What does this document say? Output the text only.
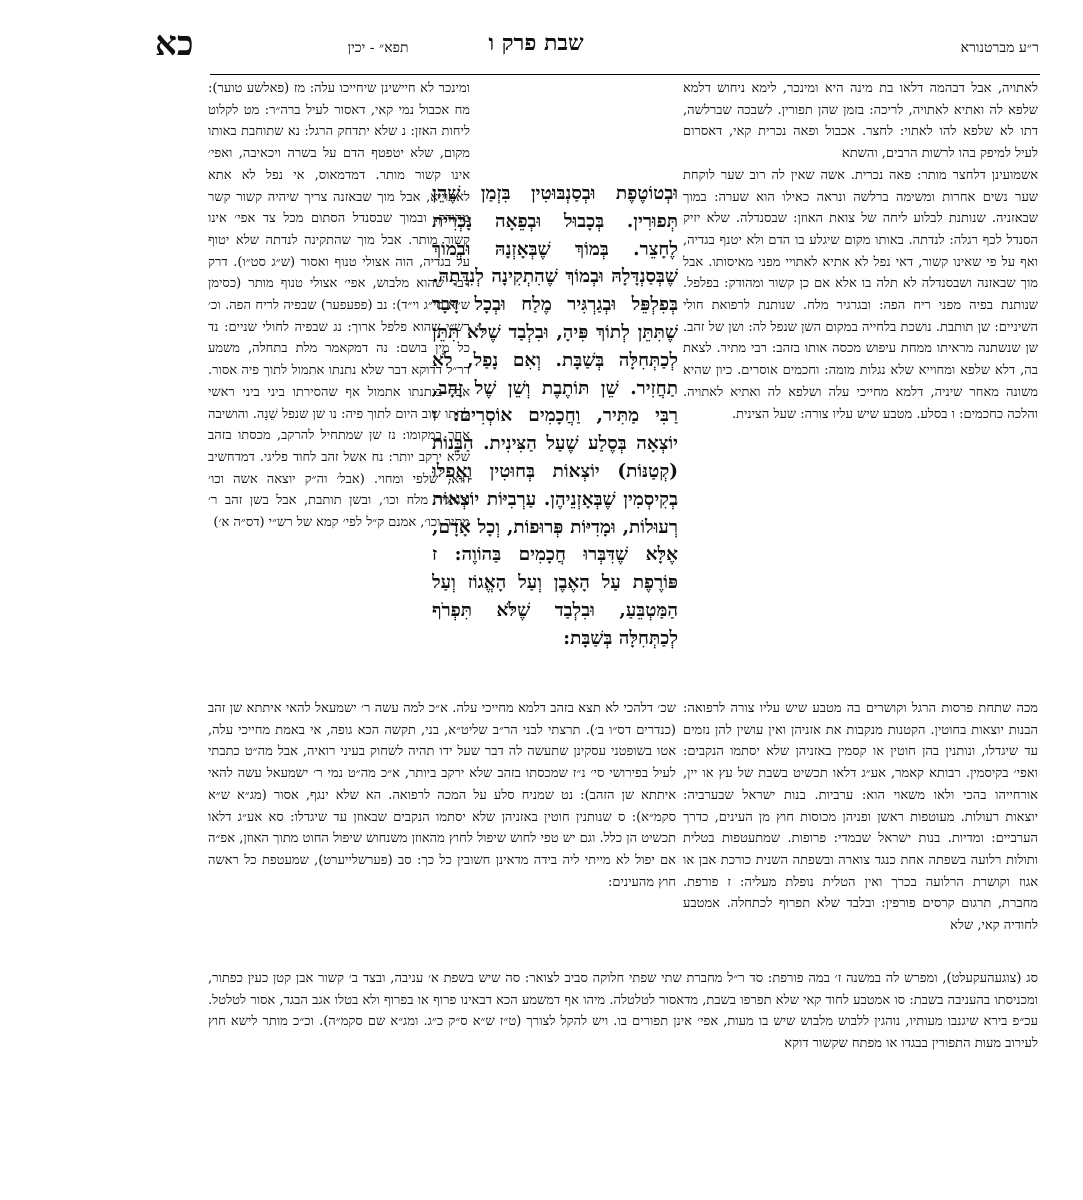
כא	תפא״ - יכין	שבת פרק ו	ר״ע מברטנורא

לאתויה, אבל דבהמה דלאו בת מינה היא ומינכר, לימא ניחוש דלמא שלפא לה ואתיא לאתויה, לריכה: בזמן שהן תפורין. לשבכה שברלשה, דתו לא שלפא להו לאתוי: לחצר. אכבול ופאה נכרית קאי, דאסרום לעיל למיפק בהו לרשות הרבים, והשתא

אשמועינן דלחצר מותר: פאה נכרית. אשה שאין לה רוב שער לוקחת שער נשים אחרות ומשימה ברלשה ונראה כאילו הוא שערה: במוך שבאזניה. שנותנת לבלוע ליחה של צואת האוזן: שבסנדלה. שלא יזיק הסנדל לכף רגלה: לנדתה. באותו מקום שיגלע בו הדם ולא יטנף בגדיה, ואף על פי שאינו קשור, דאי נפל לא אתיא לאתויי מפני מאיסותו. אבל מוך שבאזנה ושבסנדלה לא תלה בו אלא אם כן קשור ומהודק: בפלפל. שנותנת בפיה מפני ריח הפה: ובגרגיר מלח. שנותנת לרפואת חולי השיניים: שן תותבת. נושכת בלחייה במקום השן שנפל לה: ושן של זהב. שן שנשתנה מראיתו ממחת עיפוש מכסה אותו בזהב: רבי מתיר. לצאת בה, דלא שלפא ומחוייא שלא נגלות מומה: וחכמים אוסרים. כיון שהיא משונה מאחר שיניה, דלמא מחייכי עלה ושלפא לה ואתיא לאתויה. והלכה כחכמים: ו בסלע. מטבע שיש עליו צורה: שעל הצינית.

וּבְטוֹטֶפֶת וּבְסַנְבּוּטִין בִּזְמַן שֶׁהֵן תְּפוּרִין. בְּכָבוּל וּבְפֵאָה נָכְרִית לֶחָצֵר. בְּמוֹךְ שֶׁבְּאָזְנָהּ וּבְמוֹךְ שֶׁבְּסַנְדָּלָהּ וּבְמוֹךְ שֶׁהִתְקִינָה לְנִדָּתָהּ. בְּפִלְפֵּל וּבְגַרְגִּיר מֶלַח וּבְכָל דָּבָר שֶׁתִּתֵּן לְתוֹךְ פִּיהָ, וּבִלְבַד שֶׁלֹּא תִּתֵּן לְכַתְּחִלָּה בְּשַׁבָּת. וְאִם נָפַל, לֹא תַחֲזִיר. שֵׁן תּוֹתֶבֶת וְשֵׁן שֶׁל זָהָב, רַבִּי מַתִּיר, וַחֲכָמִים אוֹסְרִים: ו יוֹצְאָה בְּסֶלַע שֶׁעַל הַצִּינִית. הַבָּנוֹת (קְטַנּוֹת) יוֹצְאוֹת בְּחוּטִין וַאֲפִלּוּ בְקִיסְמִין שֶׁבְּאָזְנֵיהֶן. עַרְבִיּוֹת יוֹצְאוֹת רְעוּלוֹת, וּמָדִיּוֹת פְּרוּפוֹת, וְכָל אָדָם, אֶלָּא שֶׁדִּבְּרוּ חֲכָמִים בַּהוֹוֶה: ז פּוֹרֶפֶת עַל הָאֶבֶן וְעַל הָאֱגוֹז וְעַל הַמַּטְבֵּעַ, וּבִלְבַד שֶׁלֹּא תִּפְרֹף לְכַתְּחִלָּה בְּשַׁבָּת:

ומינכר לא חיישינן שיחייכו עלה: מז (פאלשע טוער): מח אכבול נמי קאי, דאסור לעיל ברה״ר: מט לקלוט ליחות האזן: נ שלא יתדחק הרגל: נא שתוחבת באותו מקום, שלא יטפטף הדם על בשרה ויכאיבה, ואפי׳ אינו קשור מותר. דמדמאוס, אי נפל לא אתא לאתוייא, אבל מוך שבאזנה צריך שיהיה קשור קשר מהודק. ובמוך שבסנדל הסתום מכל צד אפי׳ אינו קשור מותר. אבל מוך שהתקינה לנדתה שלא יטוף על בגדיה, הוה אצולי טנוף ואסור (ש״ג סט״ו). דרק דבר שהוא מלבוש, אפי׳ אצולי טנוף מותר (כסימן ש״א סי״ג וי״ד): נב (פפעפער) שבפיה לריח הפה. וכ׳ רש״י שהוא פלפל ארוך: נג שבפיה לחולי שניים: נד כל מין בושם: נה דמקאמר מלת בתחלה, משמע דר״ל דדוקא דבר שלא נתנתו אתמול לתוך פיה אסור. אבל בנתנתו אתמול אף שהסירתו ביני ביני ראשי לחתו שוב היום לתוך פיה: נו שן שנפל שֵׁנָה. והושיבה אחר במקומו: נז שן שמתחיל להרקב, מכסתו בזהב שלא ירקב יותר: נח אשל זהב לחוד פליגי. דמדחשיב הוא, שלפי ומחוי. (אבל׳ וה״ק יוצאה אשה וכו׳ ובגרגיר מלח וכו׳, ובשן תותבת, אבל בשן זהב ר׳ מתיר וכו׳, אמנם ק״ל לפי׳ קמא של רש״י (דס״ה א׳)

מכה שתחת פרסות הרגל וקושרים בה מטבע שיש עליו צורה לרפואה: הבנות יוצאות בחוטין. הקטנות מנקבות את אזניהן ואין עושין להן נזמים עד שיגדלו, ונותנין בהן חוטין או קסמין באזניהן שלא יסתמו הנקבים: ואפי׳ בקיסמין. רבותא קאמר, אע״ג דלאו תכשיט בשבת של עץ או יין, אורחייהו בהכי ולאו משאוי הוא: ערביות. בנות ישראל שבערביה: יוצאות רעולות. מעוטפות ראשן ופניהן מכוסות חוץ מן העינים, כדרך הערביים: ומדיות. בנות ישראל שבמדי: פרופות. שמתעטפות בטלית ותולות רלועה בשפתה אחת כנגד צוארה ובשפתה השנית כורכת אבן או אגוז וקושרת הרלועה בכרך ואין הטלית נופלת מעליה: ז פורפת. מחברת, תרגום קרסים פורפין: ובלבד שלא תפרוף לכתחלה. אמטבע לחודיה קאי, שלא

שכ׳ דלהכי לא תצא בזהב דלמא מחייכי עלה. א״כ למה עשה ר׳ ישמעאל להאי איתתא שן זהב (כנדרים דס״ו ב׳). תרצתי לבני הר״ב שליט״א, בני, תקשה הכא גופה, אי באמת מחייכי עלה, אטו בשופטני עסקינן שתעשה לה דבר שעל ידו תהיה לשחוק בעיני רואיה, אבל מה״ט כתבתי לעיל בפירושי סי׳ נ״ז שמכסתו בזהב שלא ירקב ביותר, א״כ מה״ט נמי ר׳ ישמעאל עשה להאי איתתא שן הזהב): נט שמניח סלע על המכה לרפואה. הא שלא ינגף, אסור (מג״א ש״א סקמ״א): ס שנותנין חוטין באזניהן שלא יסתמו הנקבים שבאוזן עד שיגדלו: סא אע״ג דלאו תכשיט הן כלל. וגם יש טפי לחוש שיפול לחוץ מהאוזן משנחוש שיפול החוט מתוך האוזן, אפ״ה אם יפול לא מייתי ליה בידה מדאינן חשובין כל כך: סב (פערשלייערט), שמעטפת כל ראשה חוץ מהעינים:

סג (צוגעהעקעלט), ומפרש לה במשנה ז׳ במה פורפת: סד ר״ל מחברת שתי שפתי חלוקה סביב לצואר: סה שיש בשפת א׳ עניבה, ובצד ב׳ קשור אבן קטן כעין כפתור, ומכניסתו בהעניבה בשבת: סו אמטבע לחוד קאי שלא תפרפו בשבת, מדאסור לטלטלה. מיהו אף דמשמע הכא דבאינו פרוף או בפרוף ולא בטלו אגב הבגד, אסור לטלטל. עכ״פ בירא שיגנבו מעותיו, נוהגין ללבוש מלבוש שיש בו מעות, אפי׳ אינן תפורים בו. ויש להקל לצורך (ט״ז ש״א ס״ק כ״ג. ומג״א שם סקמ״ה). וכ״כ מותר לישא חוץ לעירוב מעות התפורין בבגדו או מפתח שקשור דוקא
